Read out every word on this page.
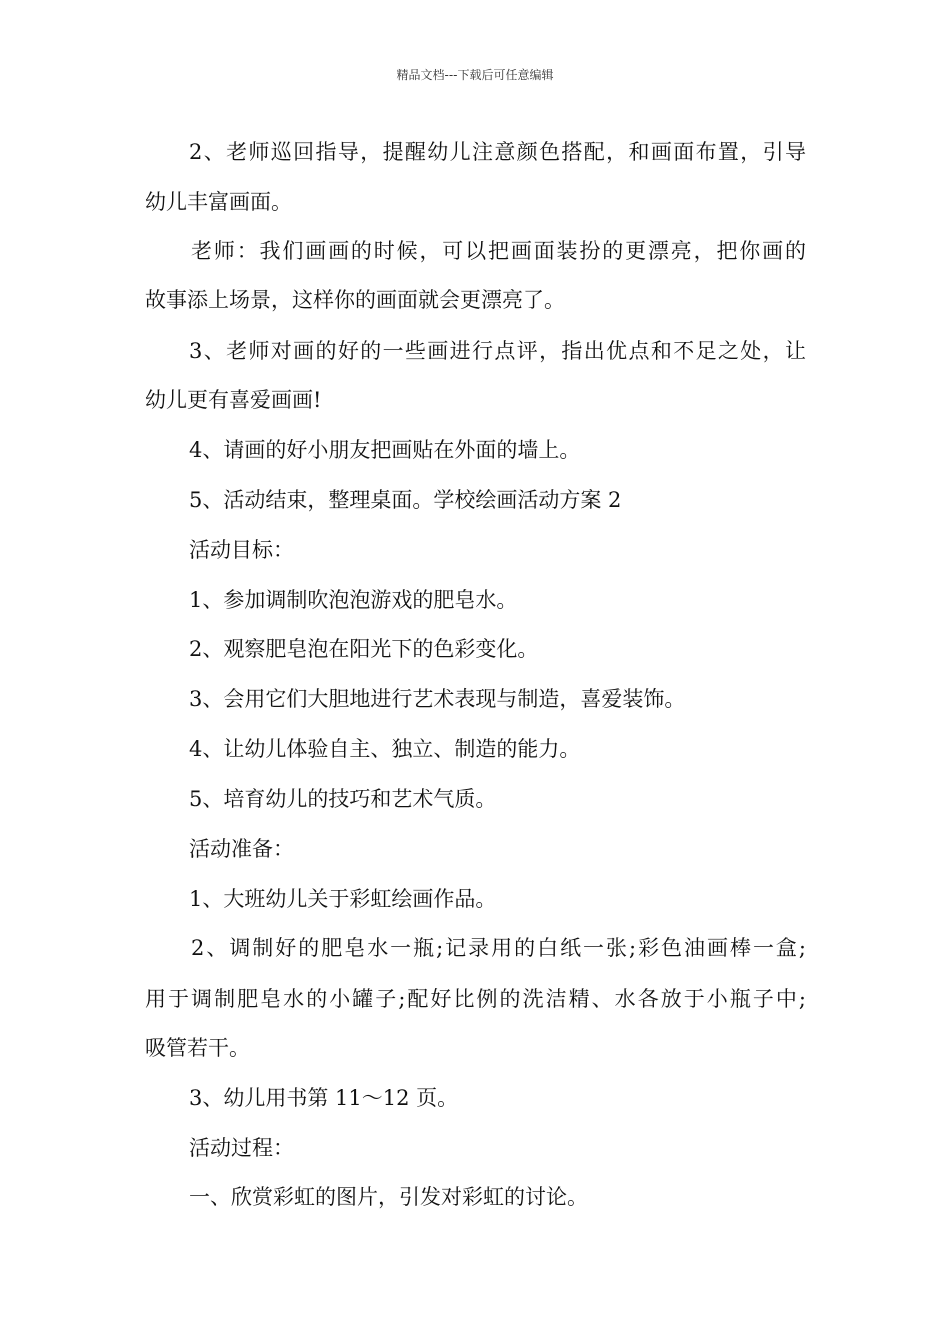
精品文档---下载后可任意编辑
2、老师巡回指导，提醒幼儿注意颜色搭配，和画面布置，引导
幼儿丰富画面。
老师：我们画画的时候，可以把画面装扮的更漂亮，把你画的
故事添上场景，这样你的画面就会更漂亮了。
3、老师对画的好的一些画进行点评，指出优点和不足之处，让
幼儿更有喜爱画画!
4、请画的好小朋友把画贴在外面的墙上。
5、活动结束，整理桌面。学校绘画活动方案 2
活动目标：
1、参加调制吹泡泡游戏的肥皂水。
2、观察肥皂泡在阳光下的色彩变化。
3、会用它们大胆地进行艺术表现与制造，喜爱装饰。
4、让幼儿体验自主、独立、制造的能力。
5、培育幼儿的技巧和艺术气质。
活动准备：
1、大班幼儿关于彩虹绘画作品。
2、调制好的肥皂水一瓶;记录用的白纸一张;彩色油画棒一盒;
用于调制肥皂水的小罐子;配好比例的洗洁精、水各放于小瓶子中;
吸管若干。
3、幼儿用书第 11～12 页。
活动过程：
一、欣赏彩虹的图片，引发对彩虹的讨论。
